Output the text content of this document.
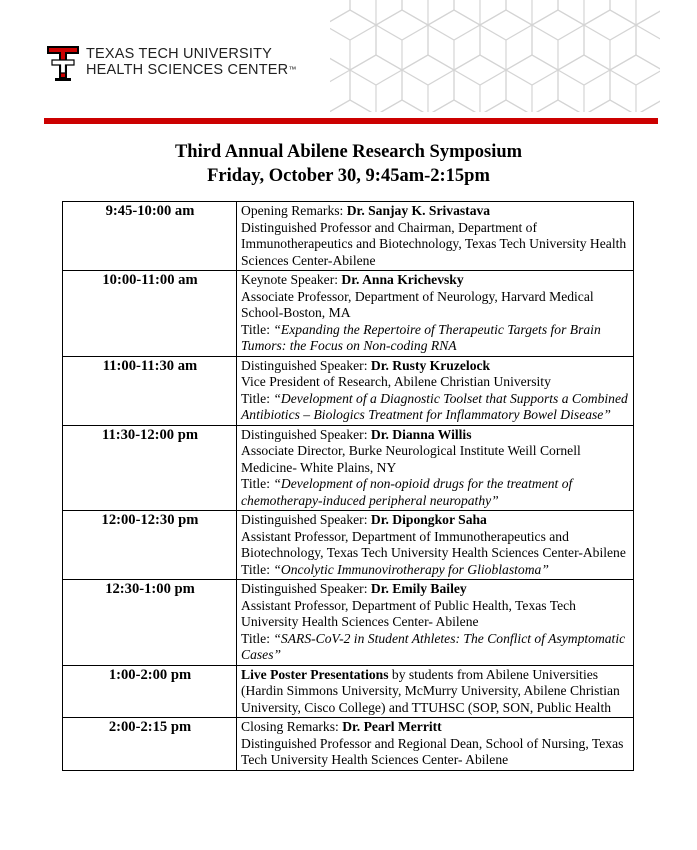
TEXAS TECH UNIVERSITY
HEALTH SCIENCES CENTER™
Third Annual Abilene Research Symposium
Friday, October 30, 9:45am-2:15pm
9:45-10:00 am	Opening Remarks: Dr. Sanjay K. Srivastava
Distinguished Professor and Chairman, Department of Immunotherapeutics and Biotechnology, Texas Tech University Health Sciences Center-Abilene

10:00-11:00 am	Keynote Speaker: Dr. Anna Krichevsky
Associate Professor, Department of Neurology, Harvard Medical School-Boston, MA
Title: “Expanding the Repertoire of Therapeutic Targets for Brain Tumors: the Focus on Non-coding RNA

11:00-11:30 am	Distinguished Speaker: Dr. Rusty Kruzelock
Vice President of Research, Abilene Christian University
Title: “Development of a Diagnostic Toolset that Supports a Combined Antibiotics – Biologics Treatment for Inflammatory Bowel Disease”

11:30-12:00 pm	Distinguished Speaker: Dr. Dianna Willis
Associate Director, Burke Neurological Institute Weill Cornell Medicine- White Plains, NY
Title: “Development of non-opioid drugs for the treatment of chemotherapy-induced peripheral neuropathy”

12:00-12:30 pm	Distinguished Speaker: Dr. Dipongkor Saha
Assistant Professor, Department of Immunotherapeutics and Biotechnology, Texas Tech University Health Sciences Center-Abilene
Title: “Oncolytic Immunovirotherapy for Glioblastoma”

12:30-1:00 pm	Distinguished Speaker: Dr. Emily Bailey
Assistant Professor, Department of Public Health, Texas Tech University Health Sciences Center- Abilene
Title: “SARS-CoV-2 in Student Athletes: The Conflict of Asymptomatic Cases”

1:00-2:00 pm	Live Poster Presentations by students from Abilene Universities (Hardin Simmons University, McMurry University, Abilene Christian University, Cisco College) and TTUHSC (SOP, SON, Public Health

2:00-2:15 pm	Closing Remarks: Dr. Pearl Merritt
Distinguished Professor and Regional Dean, School of Nursing, Texas Tech University Health Sciences Center- Abilene
